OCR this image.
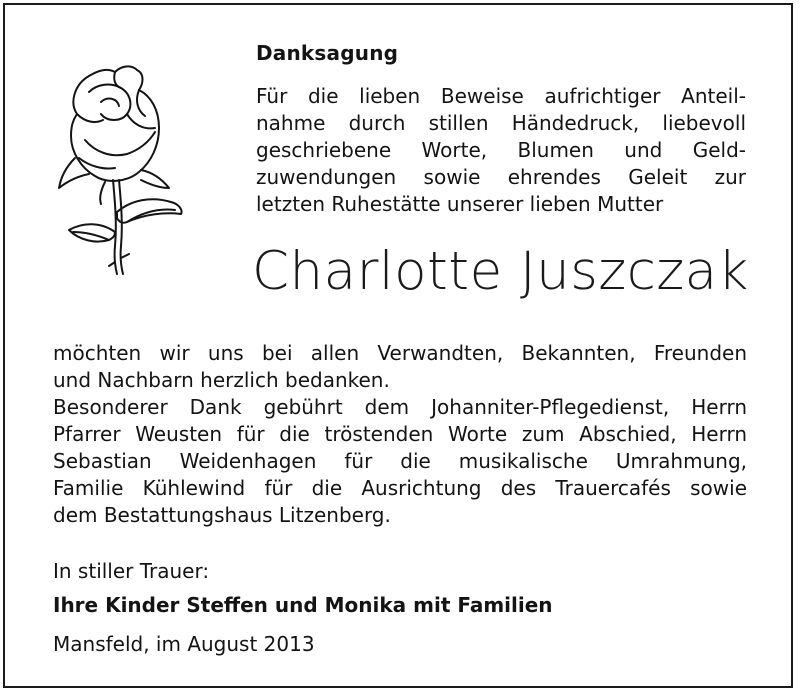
Danksagung

Für die lieben Beweise aufrichtiger Anteil-
nahme durch stillen Händedruck, liebevoll
geschriebene Worte, Blumen und Geld-
zuwendungen sowie ehrendes Geleit zur
letzten Ruhestätte unserer lieben Mutter

Charlotte Juszczak

möchten wir uns bei allen Verwandten, Bekannten, Freunden
und Nachbarn herzlich bedanken.
Besonderer Dank gebührt dem Johanniter-Pflegedienst, Herrn
Pfarrer Weusten für die tröstenden Worte zum Abschied, Herrn
Sebastian Weidenhagen für die musikalische Umrahmung,
Familie Kühlewind für die Ausrichtung des Trauercafés sowie
dem Bestattungshaus Litzenberg.

In stiller Trauer:
Ihre Kinder Steffen und Monika mit Familien
Mansfeld, im August 2013
